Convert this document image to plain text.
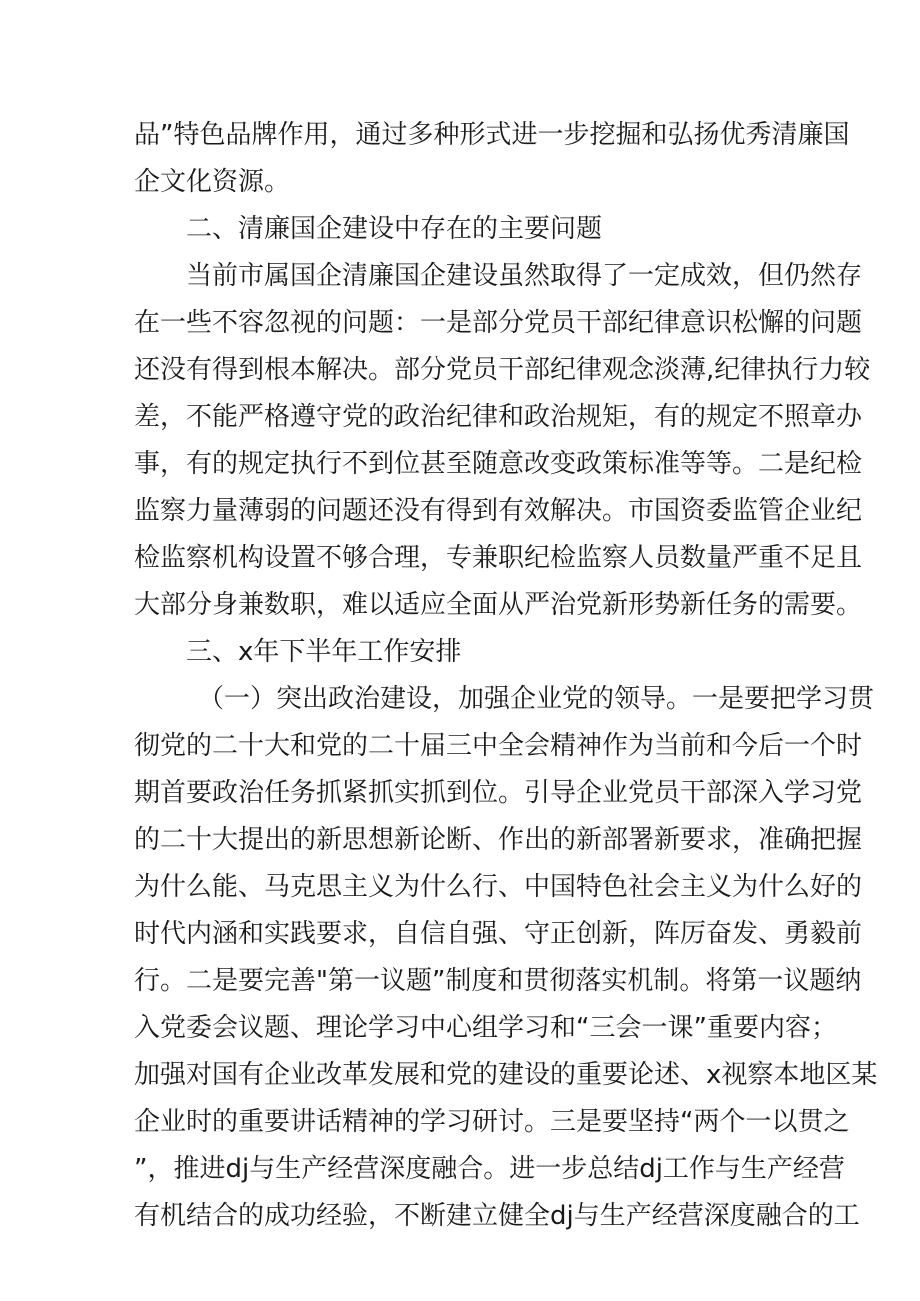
品”特色品牌作用，通过多种形式进一步挖掘和弘扬优秀清廉国
企文化资源。
二、清廉国企建设中存在的主要问题
当前市属国企清廉国企建设虽然取得了一定成效，但仍然存
在一些不容忽视的问题：一是部分党员干部纪律意识松懈的问题
还没有得到根本解决。部分党员干部纪律观念淡薄,纪律执行力较
差，不能严格遵守党的政治纪律和政治规矩，有的规定不照章办
事，有的规定执行不到位甚至随意改变政策标准等等。二是纪检
监察力量薄弱的问题还没有得到有效解决。市国资委监管企业纪
检监察机构设置不够合理，专兼职纪检监察人员数量严重不足且
大部分身兼数职，难以适应全面从严治党新形势新任务的需要。
三、x年下半年工作安排
（一）突出政治建设，加强企业党的领导。一是要把学习贯
彻党的二十大和党的二十届三中全会精神作为当前和今后一个时
期首要政治任务抓紧抓实抓到位。引导企业党员干部深入学习党
的二十大提出的新思想新论断、作出的新部署新要求，准确把握
为什么能、马克思主义为什么行、中国特色社会主义为什么好的
时代内涵和实践要求，自信自强、守正创新，阵厉奋发、勇毅前
行。二是要完善"第一议题”制度和贯彻落实机制。将第一议题纳
入党委会议题、理论学习中心组学习和“三会一课”重要内容；
加强对国有企业改革发展和党的建设的重要论述、x视察本地区某
企业时的重要讲话精神的学习研讨。三是要坚持“两个一以贯之
”，推进dj与生产经营深度融合。进一步总结dj工作与生产经营
有机结合的成功经验，不断建立健全dj与生产经营深度融合的工
